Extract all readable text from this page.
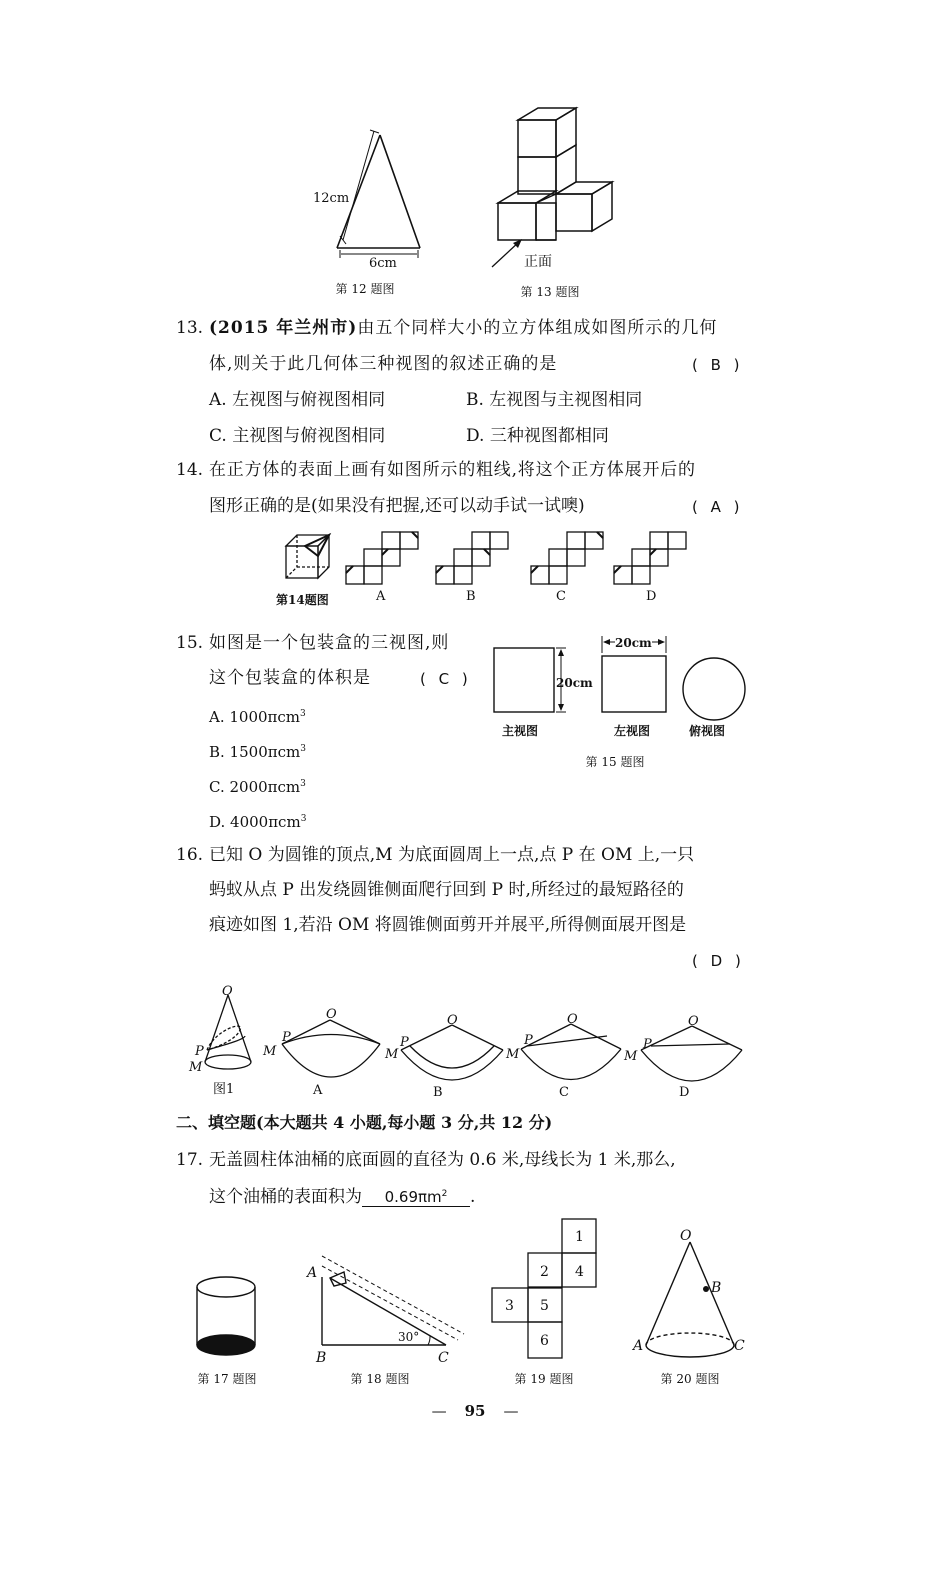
12cm
6cm
第 12 题图
正面
第 13 题图
13. (2015 年兰州市)由五个同样大小的立方体组成如图所示的几何
体,则关于此几何体三种视图的叙述正确的是	( B )
A. 左视图与俯视图相同	B. 左视图与主视图相同
C. 主视图与俯视图相同	D. 三种视图都相同
14. 在正方体的表面上画有如图所示的粗线,将这个正方体展开后的
图形正确的是(如果没有把握,还可以动手试一试噢)	( A )
第14题图	A	B	C	D
15. 如图是一个包装盒的三视图,则
这个包装盒的体积是	( C )
A. 1000πcm$^3$
B. 1500πcm$^3$
C. 2000πcm$^3$
D. 4000πcm$^3$
20cm
20cm
主视图	左视图	俯视图
第 15 题图
16. 已知 O 为圆锥的顶点,M 为底面圆周上一点,点 P 在 OM 上,一只
蚂蚁从点 P 出发绕圆锥侧面爬行回到 P 时,所经过的最短路径的
痕迹如图 1,若沿 OM 将圆锥侧面剪开并展平,所得侧面展开图是
( D )
O
P
M
O
P
M
O
P
M
O
P
M
O
P
M
图1	A	B	C	D
二、填空题(本大题共 4 小题,每小题 3 分,共 12 分)
17. 无盖圆柱体油桶的底面圆的直径为 0.6 米,母线长为 1 米,那么,
这个油桶的表面积为 $0.69\pi m^2$ .
A
B	C
30°
1
2 4
3 5
6
O
B
A	C
第 17 题图	第 18 题图	第 19 题图	第 20 题图
— 95 —
